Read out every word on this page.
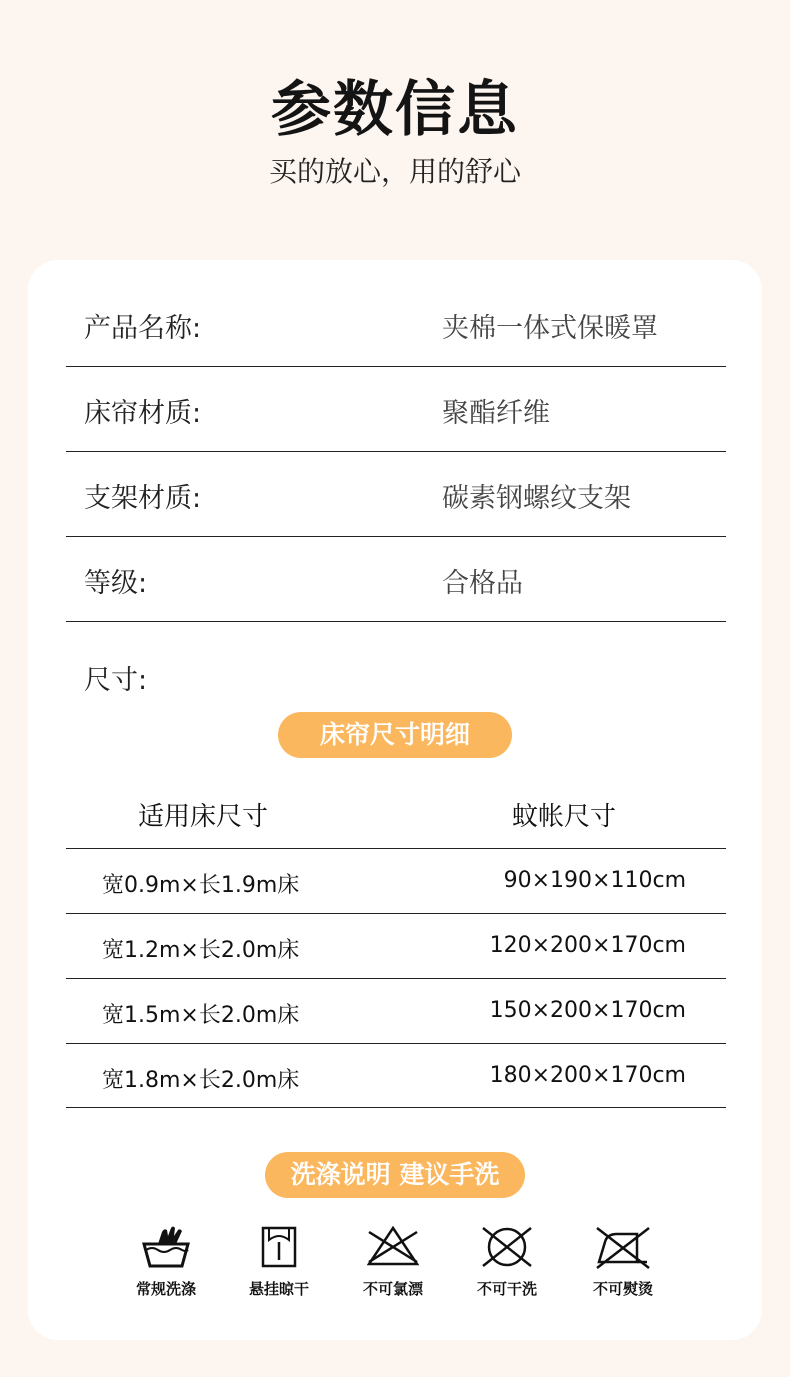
参数信息
买的放心，用的舒心
产品名称:	夹棉一体式保暖罩
床帘材质:	聚酯纤维
支架材质:	碳素钢螺纹支架
等级:	合格品
尺寸:
床帘尺寸明细
适用床尺寸	蚊帐尺寸
宽0.9m×长1.9m床	90×190×110cm
宽1.2m×长2.0m床	120×200×170cm
宽1.5m×长2.0m床	150×200×170cm
宽1.8m×长2.0m床	180×200×170cm
洗涤说明 建议手洗
常规洗涤	悬挂晾干	不可氯漂	不可干洗	不可熨烫
